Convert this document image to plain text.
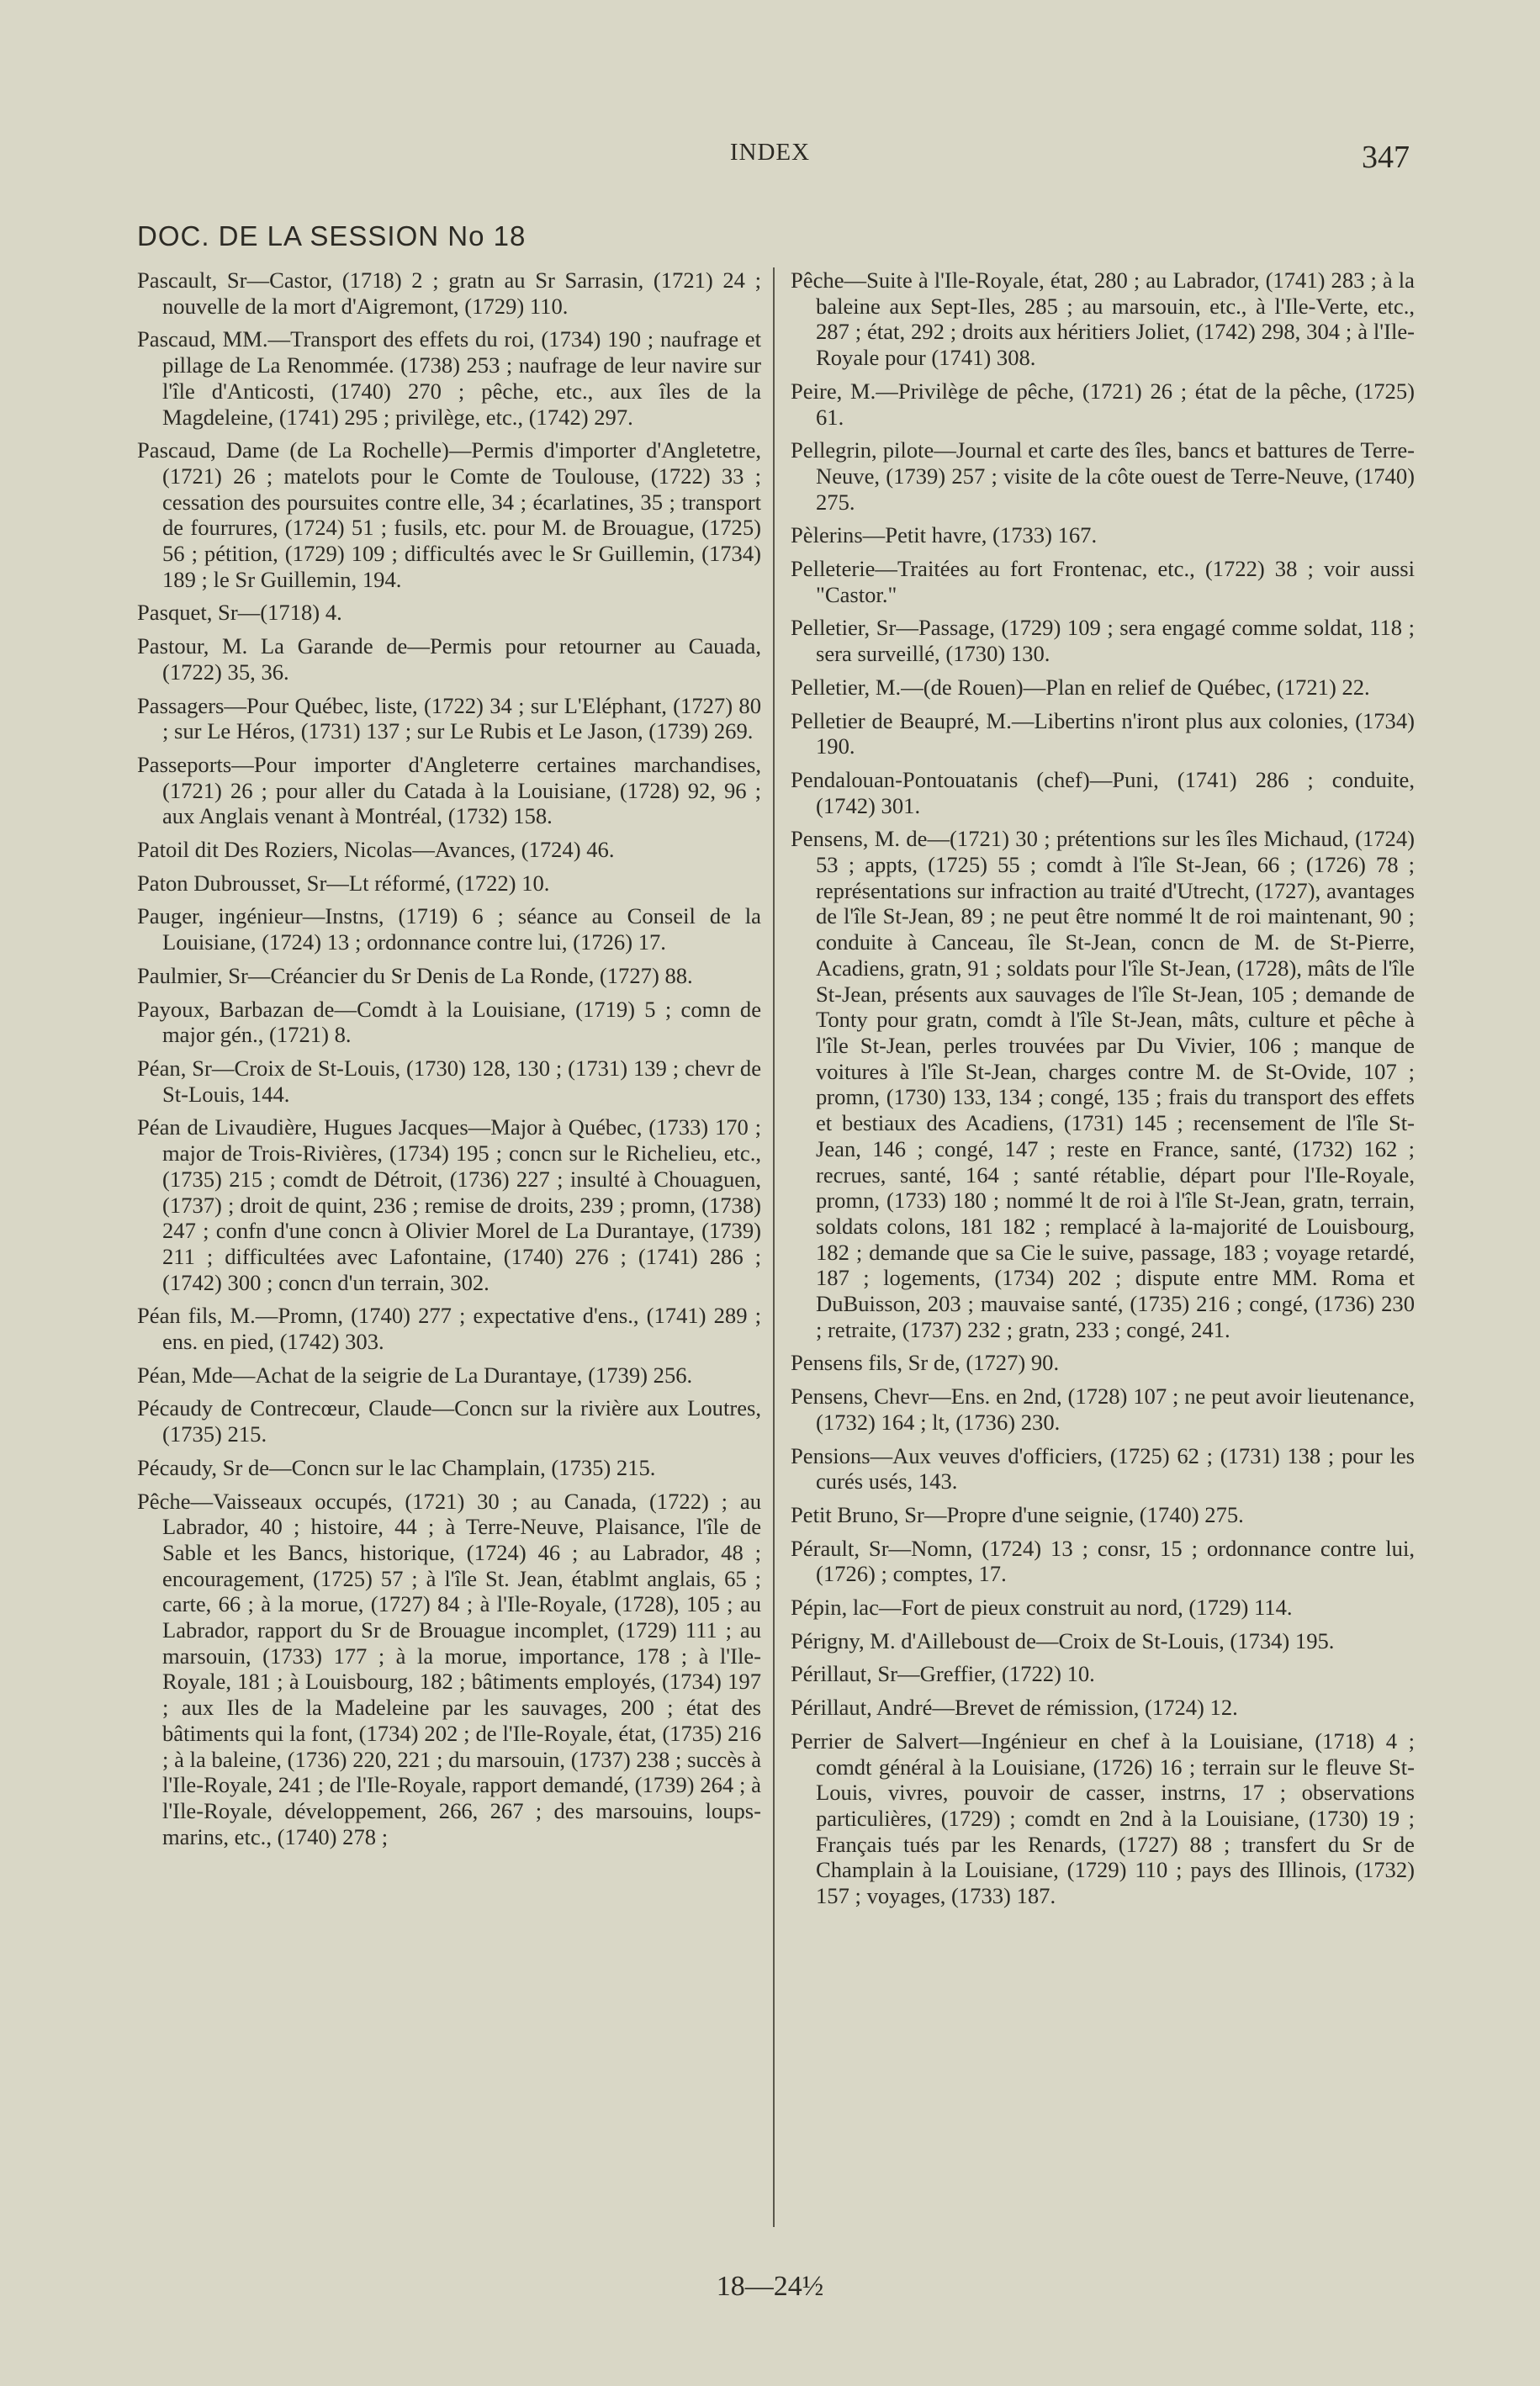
INDEX	347
DOC. DE LA SESSION No 18

Pascault, Sr—Castor, (1718) 2 ; gratn au Sr Sarrasin, (1721) 24 ; nouvelle de la mort d'Aigremont, (1729) 110.

Pascaud, MM.—Transport des effets du roi, (1734) 190 ; naufrage et pillage de La Renommée. (1738) 253 ; naufrage de leur navire sur l'île d'Anticosti, (1740) 270 ; pêche, etc., aux îles de la Magdeleine, (1741) 295 ; privilège, etc., (1742) 297.

Pascaud, Dame (de La Rochelle)—Permis d'importer d'Angletetre, (1721) 26 ; matelots pour le Comte de Toulouse, (1722) 33 ; cessation des poursuites contre elle, 34 ; écarlatines, 35 ; transport de fourrures, (1724) 51 ; fusils, etc. pour M. de Brouague, (1725) 56 ; pétition, (1729) 109 ; difficultés avec le Sr Guillemin, (1734) 189 ; le Sr Guillemin, 194.

Pasquet, Sr—(1718) 4.

Pastour, M. La Garande de—Permis pour retourner au Cauada, (1722) 35, 36.

Passagers—Pour Québec, liste, (1722) 34 ; sur L'Eléphant, (1727) 80 ; sur Le Héros, (1731) 137 ; sur Le Rubis et Le Jason, (1739) 269.

Passeports—Pour importer d'Angleterre certaines marchandises, (1721) 26 ; pour aller du Catada à la Louisiane, (1728) 92, 96 ; aux Anglais venant à Montréal, (1732) 158.

Patoil dit Des Roziers, Nicolas—Avances, (1724) 46.

Paton Dubrousset, Sr—Lt réformé, (1722) 10.

Pauger, ingénieur—Instns, (1719) 6 ; séance au Conseil de la Louisiane, (1724) 13 ; ordonnance contre lui, (1726) 17.

Paulmier, Sr—Créancier du Sr Denis de La Ronde, (1727) 88.

Payoux, Barbazan de—Comdt à la Louisiane, (1719) 5 ; comn de major gén., (1721) 8.

Péan, Sr—Croix de St-Louis, (1730) 128, 130 ; (1731) 139 ; chevr de St-Louis, 144.

Péan de Livaudière, Hugues Jacques—Major à Québec, (1733) 170 ; major de Trois-Rivières, (1734) 195 ; concn sur le Richelieu, etc., (1735) 215 ; comdt de Détroit, (1736) 227 ; insulté à Chouaguen, (1737) ; droit de quint, 236 ; remise de droits, 239 ; promn, (1738) 247 ; confn d'une concn à Olivier Morel de La Durantaye, (1739) 211 ; difficultées avec Lafontaine, (1740) 276 ; (1741) 286 ; (1742) 300 ; concn d'un terrain, 302.

Péan fils, M.—Promn, (1740) 277 ; expectative d'ens., (1741) 289 ; ens. en pied, (1742) 303.

Péan, Mde—Achat de la seigrie de La Durantaye, (1739) 256.

Pécaudy de Contrecœur, Claude—Concn sur la rivière aux Loutres, (1735) 215.

Pécaudy, Sr de—Concn sur le lac Champlain, (1735) 215.

Pêche—Vaisseaux occupés, (1721) 30 ; au Canada, (1722) ; au Labrador, 40 ; histoire, 44 ; à Terre-Neuve, Plaisance, l'île de Sable et les Bancs, historique, (1724) 46 ; au Labrador, 48 ; encouragement, (1725) 57 ; à l'île St. Jean, établmt anglais, 65 ; carte, 66 ; à la morue, (1727) 84 ; à l'Ile-Royale, (1728), 105 ; au Labrador, rapport du Sr de Brouague incomplet, (1729) 111 ; au marsouin, (1733) 177 ; à la morue, importance, 178 ; à l'Ile-Royale, 181 ; à Louisbourg, 182 ; bâtiments employés, (1734) 197 ; aux Iles de la Madeleine par les sauvages, 200 ; état des bâtiments qui la font, (1734) 202 ; de l'Ile-Royale, état, (1735) 216 ; à la baleine, (1736) 220, 221 ; du marsouin, (1737) 238 ; succès à l'Ile-Royale, 241 ; de l'Ile-Royale, rapport demandé, (1739) 264 ; à l'Ile-Royale, développement, 266, 267 ; des marsouins, loups-marins, etc., (1740) 278 ;

Pêche—Suite à l'Ile-Royale, état, 280 ; au Labrador, (1741) 283 ; à la baleine aux Sept-Iles, 285 ; au marsouin, etc., à l'Ile-Verte, etc., 287 ; état, 292 ; droits aux héritiers Joliet, (1742) 298, 304 ; à l'Ile-Royale pour (1741) 308.

Peire, M.—Privilège de pêche, (1721) 26 ; état de la pêche, (1725) 61.

Pellegrin, pilote—Journal et carte des îles, bancs et battures de Terre-Neuve, (1739) 257 ; visite de la côte ouest de Terre-Neuve, (1740) 275.

Pèlerins—Petit havre, (1733) 167.

Pelleterie—Traitées au fort Frontenac, etc., (1722) 38 ; voir aussi "Castor."

Pelletier, Sr—Passage, (1729) 109 ; sera engagé comme soldat, 118 ; sera surveillé, (1730) 130.

Pelletier, M.—(de Rouen)—Plan en relief de Québec, (1721) 22.

Pelletier de Beaupré, M.—Libertins n'iront plus aux colonies, (1734) 190.

Pendalouan-Pontouatanis (chef)—Puni, (1741) 286 ; conduite, (1742) 301.

Pensens, M. de—(1721) 30 ; prétentions sur les îles Michaud, (1724) 53 ; appts, (1725) 55 ; comdt à l'île St-Jean, 66 ; (1726) 78 ; représentations sur infraction au traité d'Utrecht, (1727), avantages de l'île St-Jean, 89 ; ne peut être nommé lt de roi maintenant, 90 ; conduite à Canceau, île St-Jean, concn de M. de St-Pierre, Acadiens, gratn, 91 ; soldats pour l'île St-Jean, (1728), mâts de l'île St-Jean, présents aux sauvages de l'île St-Jean, 105 ; demande de Tonty pour gratn, comdt à l'île St-Jean, mâts, culture et pêche à l'île St-Jean, perles trouvées par Du Vivier, 106 ; manque de voitures à l'île St-Jean, charges contre M. de St-Ovide, 107 ; promn, (1730) 133, 134 ; congé, 135 ; frais du transport des effets et bestiaux des Acadiens, (1731) 145 ; recensement de l'île St-Jean, 146 ; congé, 147 ; reste en France, santé, (1732) 162 ; recrues, santé, 164 ; santé rétablie, départ pour l'Ile-Royale, promn, (1733) 180 ; nommé lt de roi à l'île St-Jean, gratn, terrain, soldats colons, 181 182 ; remplacé à la-majorité de Louisbourg, 182 ; demande que sa Cie le suive, passage, 183 ; voyage retardé, 187 ; logements, (1734) 202 ; dispute entre MM. Roma et DuBuisson, 203 ; mauvaise santé, (1735) 216 ; congé, (1736) 230 ; retraite, (1737) 232 ; gratn, 233 ; congé, 241.

Pensens fils, Sr de, (1727) 90.

Pensens, Chevr—Ens. en 2nd, (1728) 107 ; ne peut avoir lieutenance, (1732) 164 ; lt, (1736) 230.

Pensions—Aux veuves d'officiers, (1725) 62 ; (1731) 138 ; pour les curés usés, 143.

Petit Bruno, Sr—Propre d'une seignie, (1740) 275.

Pérault, Sr—Nomn, (1724) 13 ; consr, 15 ; ordonnance contre lui, (1726) ; comptes, 17.

Pépin, lac—Fort de pieux construit au nord, (1729) 114.

Périgny, M. d'Ailleboust de—Croix de St-Louis, (1734) 195.

Périllaut, Sr—Greffier, (1722) 10.

Périllaut, André—Brevet de rémission, (1724) 12.

Perrier de Salvert—Ingénieur en chef à la Louisiane, (1718) 4 ; comdt général à la Louisiane, (1726) 16 ; terrain sur le fleuve St-Louis, vivres, pouvoir de casser, instrns, 17 ; observations particulières, (1729) ; comdt en 2nd à la Louisiane, (1730) 19 ; Français tués par les Renards, (1727) 88 ; transfert du Sr de Champlain à la Louisiane, (1729) 110 ; pays des Illinois, (1732) 157 ; voyages, (1733) 187.

18—24½
